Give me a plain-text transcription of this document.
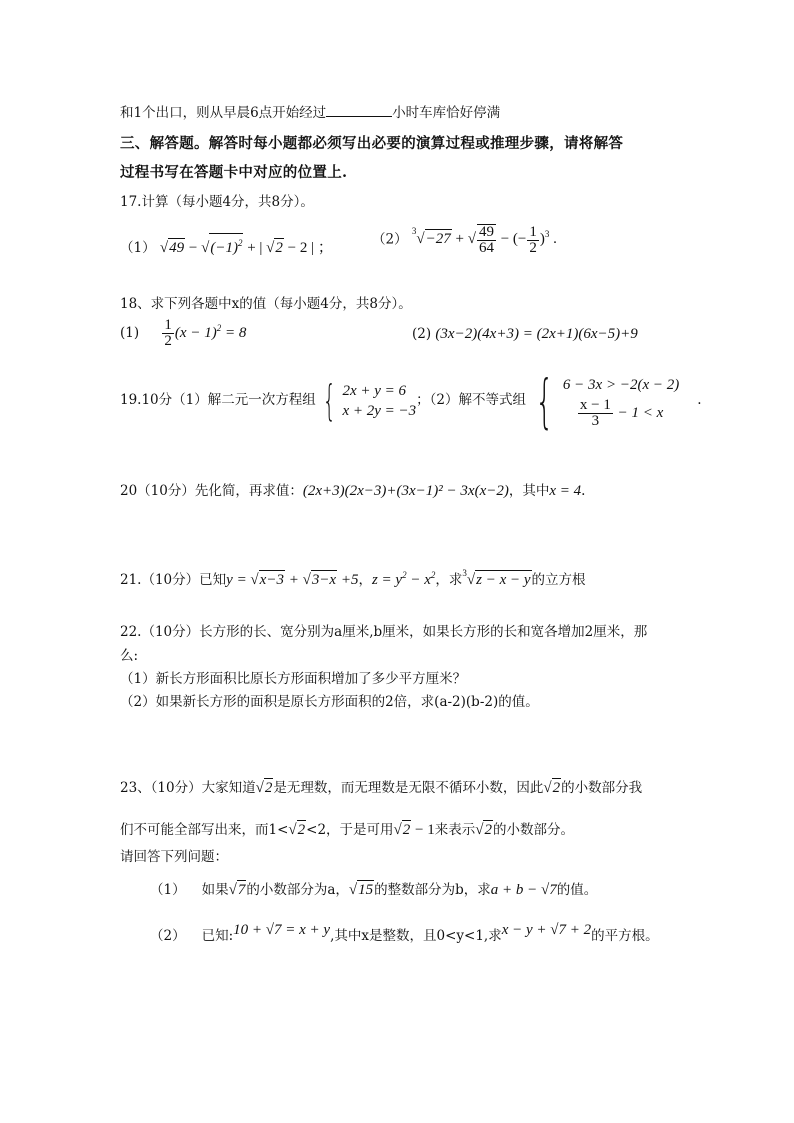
和1个出口，则从早晨6点开始经过	小时车库恰好停满
三、解答题。解答时每小题都必须写出必要的演算过程或推理步骤，请将解答
过程书写在答题卡中对应的位置上.
17.计算（每小题4分，共8分）。
（1） $√49 - √(-1)^2$ + | √2 − 2 | ；
（2） $^3$√−27 + √ $\frac{49}{64}$ − (− $\frac{1}{2} )^3$ .
18、求下列各题中x的值（每小题4分，共8分）。
$(1) \frac{1}{2} (x - 1)^2 = 8$	(2) (3x−2)(4x+3) = (2x+1)(6x−5)+9
19.10分（1）解二元一次方程组 { 2x + y = 6
x + 2y = −3
；（2）解不等式组 { 6 − 3x > −2(x − 2)
$\frac{x - 1}{3} - 1 < x$
.
20（10分）先化简，再求值：(2x+3)(2x−3)+(3x−1)² − 3x(x−2)，其中x = 4.
21.（10分）已知y = √x−3 + √3−x +5，$z = y^2 - x^2$，求$^3$√z − x − y的立方根
22.（10分）长方形的长、宽分别为a厘米,b厘米，如果长方形的长和宽各增加2厘米，那
么:
（1）新长方形面积比原长方形面积增加了多少平方厘米？
（2）如果新长方形的面积是原长方形面积的2倍，求(a-2)(b-2)的值。
23、（10分）大家知道√2是无理数，而无理数是无限不循环小数，因此√2的小数部分我
们不可能全部写出来，而1<√2<2，于是可用√2 − 1来表示√2的小数部分。
请回答下列问题：
（1） 如果√7的小数部分为a，√15的整数部分为b，求a + b − √7的值。
（2） 已知:10 + √7 = x + y,其中x是整数，且0<y<1,求x − y + √7 + 2的平方根。
